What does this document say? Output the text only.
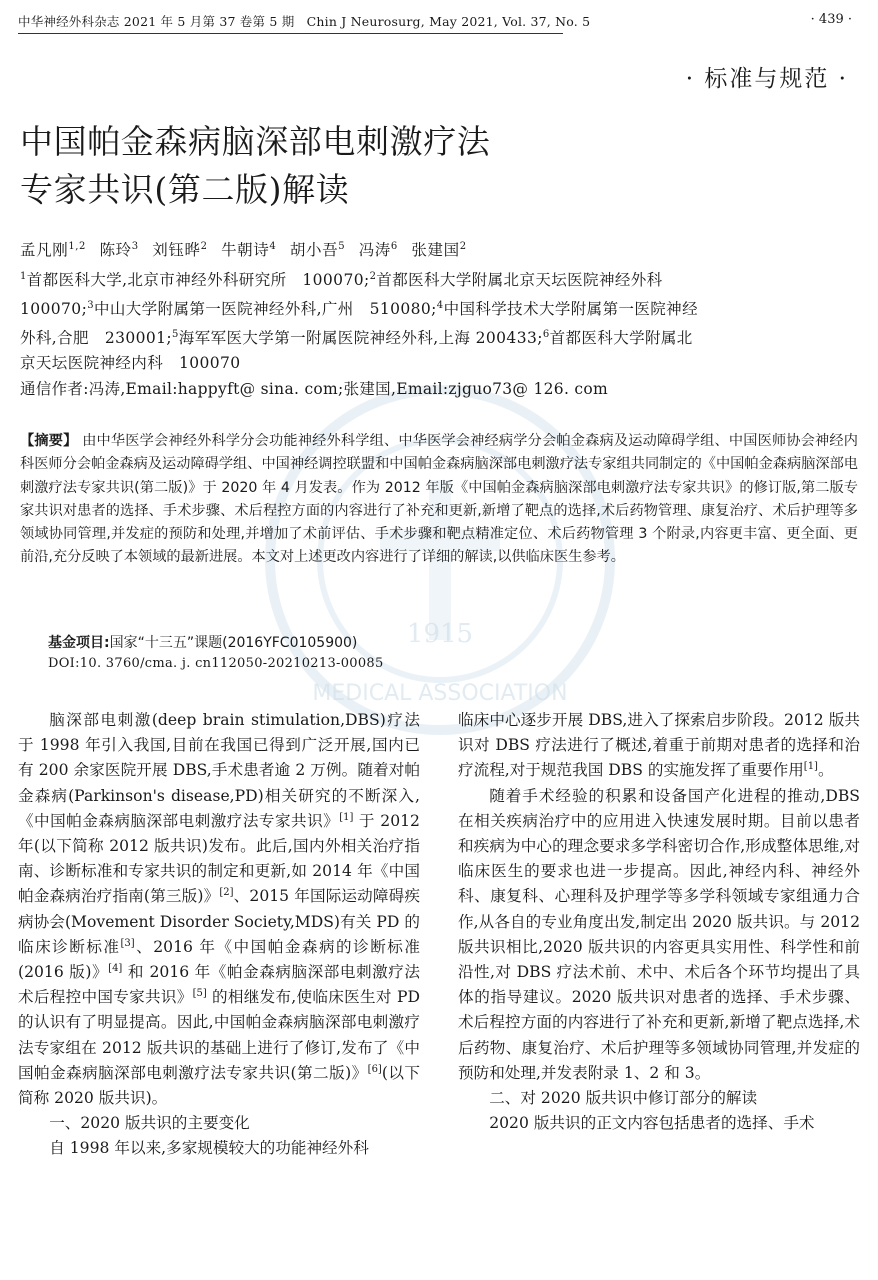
中华神经外科杂志 2021 年 5 月第 37 卷第 5 期 Chin J Neurosurg, May 2021, Vol. 37, No. 5	· 439 ·
· 标准与规范 ·
1915
MEDICAL ASSOCIATION
中国帕金森病脑深部电刺激疗法
专家共识(第二版)解读
孟凡刚$^{1,2}$ 陈玲$^3$ 刘钰晔$^2$ 牛朝诗$^4$ 胡小吾$^5$ 冯涛$^6$ 张建国$^2$
$^1$首都医科大学,北京市神经外科研究所　100070;$^2$首都医科大学附属北京天坛医院神经外科　100070;$^3$中山大学附属第一医院神经外科,广州　510080;$^4$中国科学技术大学附属第一医院神经外科,合肥　230001;$^5$海军军医大学第一附属医院神经外科,上海 200433;$^6$首都医科大学附属北京天坛医院神经内科　100070
通信作者:冯涛,Email:happyft@ sina. com;张建国,Email:zjguo73@ 126. com
【摘要】 由中华医学会神经外科学分会功能神经外科学组、中华医学会神经病学分会帕金森病及运动障碍学组、中国医师协会神经内科医师分会帕金森病及运动障碍学组、中国神经调控联盟和中国帕金森病脑深部电刺激疗法专家组共同制定的《中国帕金森病脑深部电刺激疗法专家共识(第二版)》于 2020 年 4 月发表。作为 2012 年版《中国帕金森病脑深部电刺激疗法专家共识》的修订版,第二版专家共识对患者的选择、手术步骤、术后程控方面的内容进行了补充和更新,新增了靶点的选择,术后药物管理、康复治疗、术后护理等多领域协同管理,并发症的预防和处理,并增加了术前评估、手术步骤和靶点精准定位、术后药物管理 3 个附录,内容更丰富、更全面、更前沿,充分反映了本领域的最新进展。本文对上述更改内容进行了详细的解读,以供临床医生参考。
基金项目:国家“十三五”课题(2016YFC0105900)
DOI:10. 3760/cma. j. cn112050-20210213-00085

脑深部电刺激(deep brain stimulation,DBS)疗法于 1998 年引入我国,目前在我国已得到广泛开展,国内已有 200 余家医院开展 DBS,手术患者逾 2 万例。随着对帕金森病(Parkinson's disease,PD)相关研究的不断深入,《中国帕金森病脑深部电刺激疗法专家共识》[1] 于 2012 年(以下简称 2012 版共识)发布。此后,国内外相关治疗指南、诊断标准和专家共识的制定和更新,如 2014 年《中国帕金森病治疗指南(第三版)》[2]、2015 年国际运动障碍疾病协会(Movement Disorder Society,MDS)有关 PD 的临床诊断标准[3]、2016 年《中国帕金森病的诊断标准(2016 版)》[4] 和 2016 年《帕金森病脑深部电刺激疗法术后程控中国专家共识》[5] 的相继发布,使临床医生对 PD 的认识有了明显提高。因此,中国帕金森病脑深部电刺激疗法专家组在 2012 版共识的基础上进行了修订,发布了《中国帕金森病脑深部电刺激疗法专家共识(第二版)》[6](以下简称 2020 版共识)。

一、2020 版共识的主要变化

自 1998 年以来,多家规模较大的功能神经外科

临床中心逐步开展 DBS,进入了探索启步阶段。2012 版共识对 DBS 疗法进行了概述,着重于前期对患者的选择和治疗流程,对于规范我国 DBS 的实施发挥了重要作用[1]。

随着手术经验的积累和设备国产化进程的推动,DBS 在相关疾病治疗中的应用进入快速发展时期。目前以患者和疾病为中心的理念要求多学科密切合作,形成整体思维,对临床医生的要求也进一步提高。因此,神经内科、神经外科、康复科、心理科及护理学等多学科领域专家组通力合作,从各自的专业角度出发,制定出 2020 版共识。与 2012 版共识相比,2020 版共识的内容更具实用性、科学性和前沿性,对 DBS 疗法术前、术中、术后各个环节均提出了具体的指导建议。2020 版共识对患者的选择、手术步骤、术后程控方面的内容进行了补充和更新,新增了靶点选择,术后药物、康复治疗、术后护理等多领域协同管理,并发症的预防和处理,并发表附录 1、2 和 3。

二、对 2020 版共识中修订部分的解读

2020 版共识的正文内容包括患者的选择、手术
